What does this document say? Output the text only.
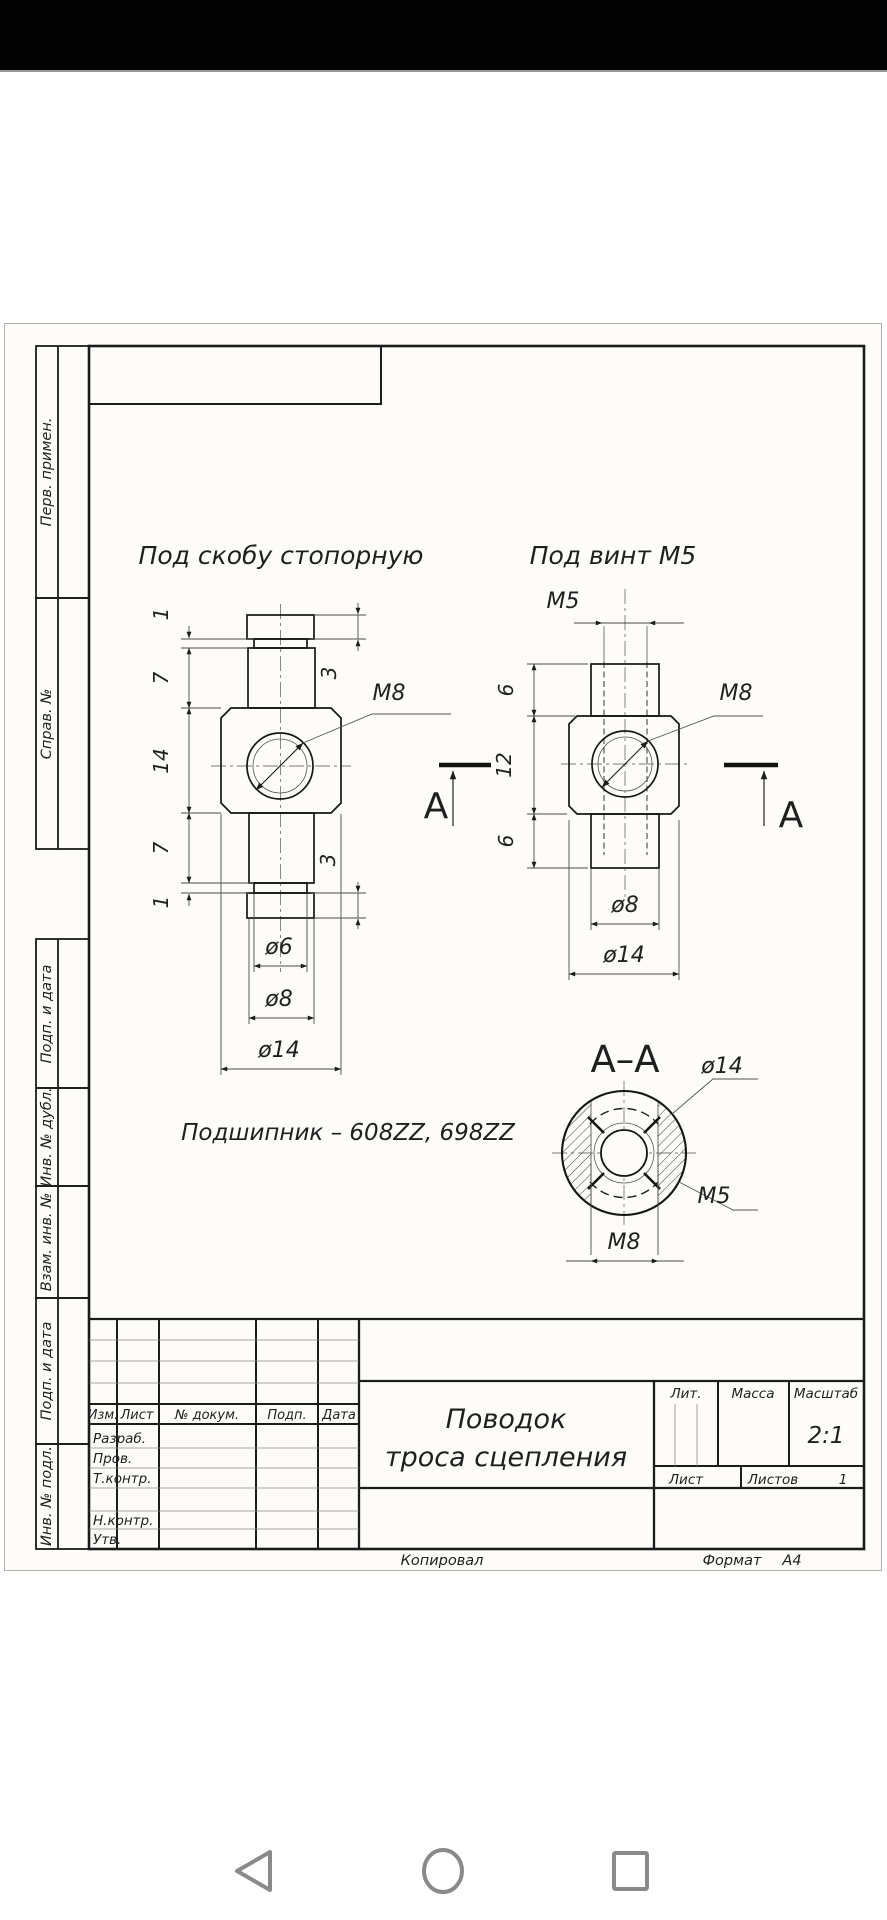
Перв. примен.
Справ. №
Подп. и дата
Инв. № дубл.
Взам. инв. №
Подп. и дата
Инв. № подл.
Под скобу стопорную
M8
1
7
14
7
1
3
3
ø6
ø8
ø14
А	А
Под винт М5
М5
M8
6
12
6
ø8
ø14
А–А ø14
M5
М8
Подшипник – 608ZZ, 698ZZ
Изм. Лист № докум. Подп. Дата
Разраб.
Пров.
Т.контр.
Н.контр.
Утв.
Поводок
троса сцепления
Лит. Масса Масштаб
Лист	Листов	1
2:1
Копировал	Формат А4
